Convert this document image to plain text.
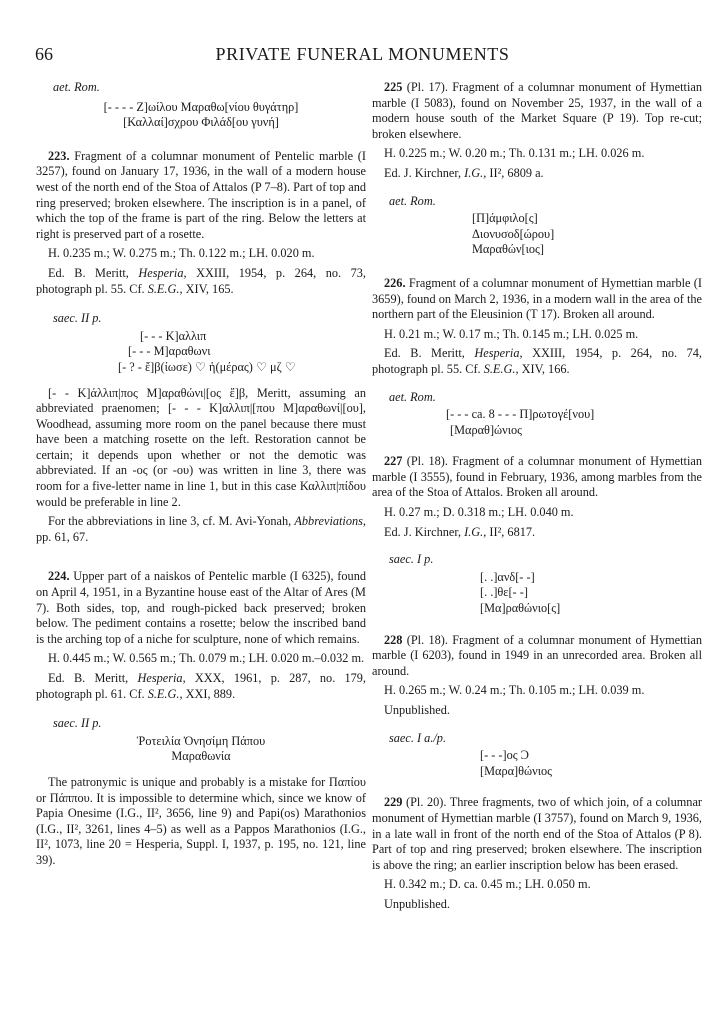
66	PRIVATE FUNERAL MONUMENTS

aet. Rom.

[- - - - Ζ]ωίλου Μαραθω[νίου θυγάτηρ]

[Καλλαί]σχρου Φιλάδ[ου γυνή]

223. Fragment of a columnar monument of Pentelic marble (I 3257), found on January 17, 1936, in the wall of a modern house west of the north end of the Stoa of Attalos (P 7–8). Part of top and ring preserved; broken elsewhere. The inscription is in a panel, of which the top of the frame is part of the ring. Below the letters at right is preserved part of a rosette.

H. 0.235 m.; W. 0.275 m.; Th. 0.122 m.; LH. 0.020 m.

Ed. B. Meritt, Hesperia, XXIII, 1954, p. 264, no. 73, photograph pl. 55. Cf. S.E.G., XIV, 165.

saec. II p.

[- - - Κ]αλλιπ

[- - - Μ]αραθωνι

[- ? - ἔ]β(ίωσε) ♡ ἡ(μέρας) ♡ μζ ♡

[- - Κ]άλλιπ|πος Μ]αραθώνι|[ος ἔ]β, Meritt, assuming an abbreviated praenomen; [- - - Κ]αλλιπ|[που Μ]αραθωνί|[ου], Woodhead, assuming more room on the panel because there must have been a matching rosette on the left. Restoration cannot be certain; it depends upon whether or not the demotic was abbreviated. If an -ος (or -ου) was written in line 3, there was room for a five-letter name in line 1, but in this case Καλλιπ|πίδου would be preferable in line 2.

For the abbreviations in line 3, cf. M. Avi-Yonah, Abbreviations, pp. 61, 67.

224. Upper part of a naiskos of Pentelic marble (I 6325), found on April 4, 1951, in a Byzantine house east of the Altar of Ares (M 7). Both sides, top, and rough-picked back preserved; broken below. The pediment contains a rosette; below the inscribed band is the arching top of a niche for sculpture, none of which remains.

H. 0.445 m.; W. 0.565 m.; Th. 0.079 m.; LH. 0.020 m.–0.032 m.

Ed. B. Meritt, Hesperia, XXX, 1961, p. 287, no. 179, photograph pl. 61. Cf. S.E.G., XXI, 889.

saec. II p.

Ῥοτειλία Ὀνησίμη Πάπου

Μαραθωνία

The patronymic is unique and probably is a mistake for Παπίου or Πάππου. It is impossible to determine which, since we know of Papia Onesime (I.G., II², 3656, line 9) and Papi(os) Marathonios (I.G., II², 3261, lines 4–5) as well as a Pappos Marathonios (I.G., II², 1073, line 20 = Hesperia, Suppl. I, 1937, p. 195, no. 121, line 39).

225 (Pl. 17). Fragment of a columnar monument of Hymettian marble (I 5083), found on November 25, 1937, in the wall of a modern house south of the Market Square (P 19). Top re-cut; broken elsewhere.

H. 0.225 m.; W. 0.20 m.; Th. 0.131 m.; LH. 0.026 m.

Ed. J. Kirchner, I.G., II², 6809 a.

aet. Rom.

[Π]άμφιλο[ς]

Διονυσοδ[ώρου]

Μαραθών[ιος]

226. Fragment of a columnar monument of Hymettian marble (I 3659), found on March 2, 1936, in a modern wall in the area of the northern part of the Eleusinion (T 17). Broken all around.

H. 0.21 m.; W. 0.17 m.; Th. 0.145 m.; LH. 0.025 m.

Ed. B. Meritt, Hesperia, XXIII, 1954, p. 264, no. 74, photograph pl. 55. Cf. S.E.G., XIV, 166.

aet. Rom.

[- - - ca. 8 - - - Π]ρωτογέ[νου]

[Μαραθ]ώνιος

227 (Pl. 18). Fragment of a columnar monument of Hymettian marble (I 3555), found in February, 1936, among marbles from the area of the Stoa of Attalos. Broken all around.

H. 0.27 m.; D. 0.318 m.; LH. 0.040 m.

Ed. J. Kirchner, I.G., II², 6817.

saec. I p.

[. .]ανδ[- -]

[. .]θε[- -]

[Μα]ραθώνιο[ς]

228 (Pl. 18). Fragment of a columnar monument of Hymettian marble (I 6203), found in 1949 in an unrecorded area. Broken all around.

H. 0.265 m.; W. 0.24 m.; Th. 0.105 m.; LH. 0.039 m.

Unpublished.

saec. I a./p.

[- - -]ος Ͻ

[Μαρα]θώνιος

229 (Pl. 20). Three fragments, two of which join, of a columnar monument of Hymettian marble (I 3757), found on March 9, 1936, in a late wall in front of the north end of the Stoa of Attalos (P 8). Part of top and ring preserved; broken elsewhere. The inscription is above the ring; an earlier inscription below has been erased.

H. 0.342 m.; D. ca. 0.45 m.; LH. 0.050 m.

Unpublished.
